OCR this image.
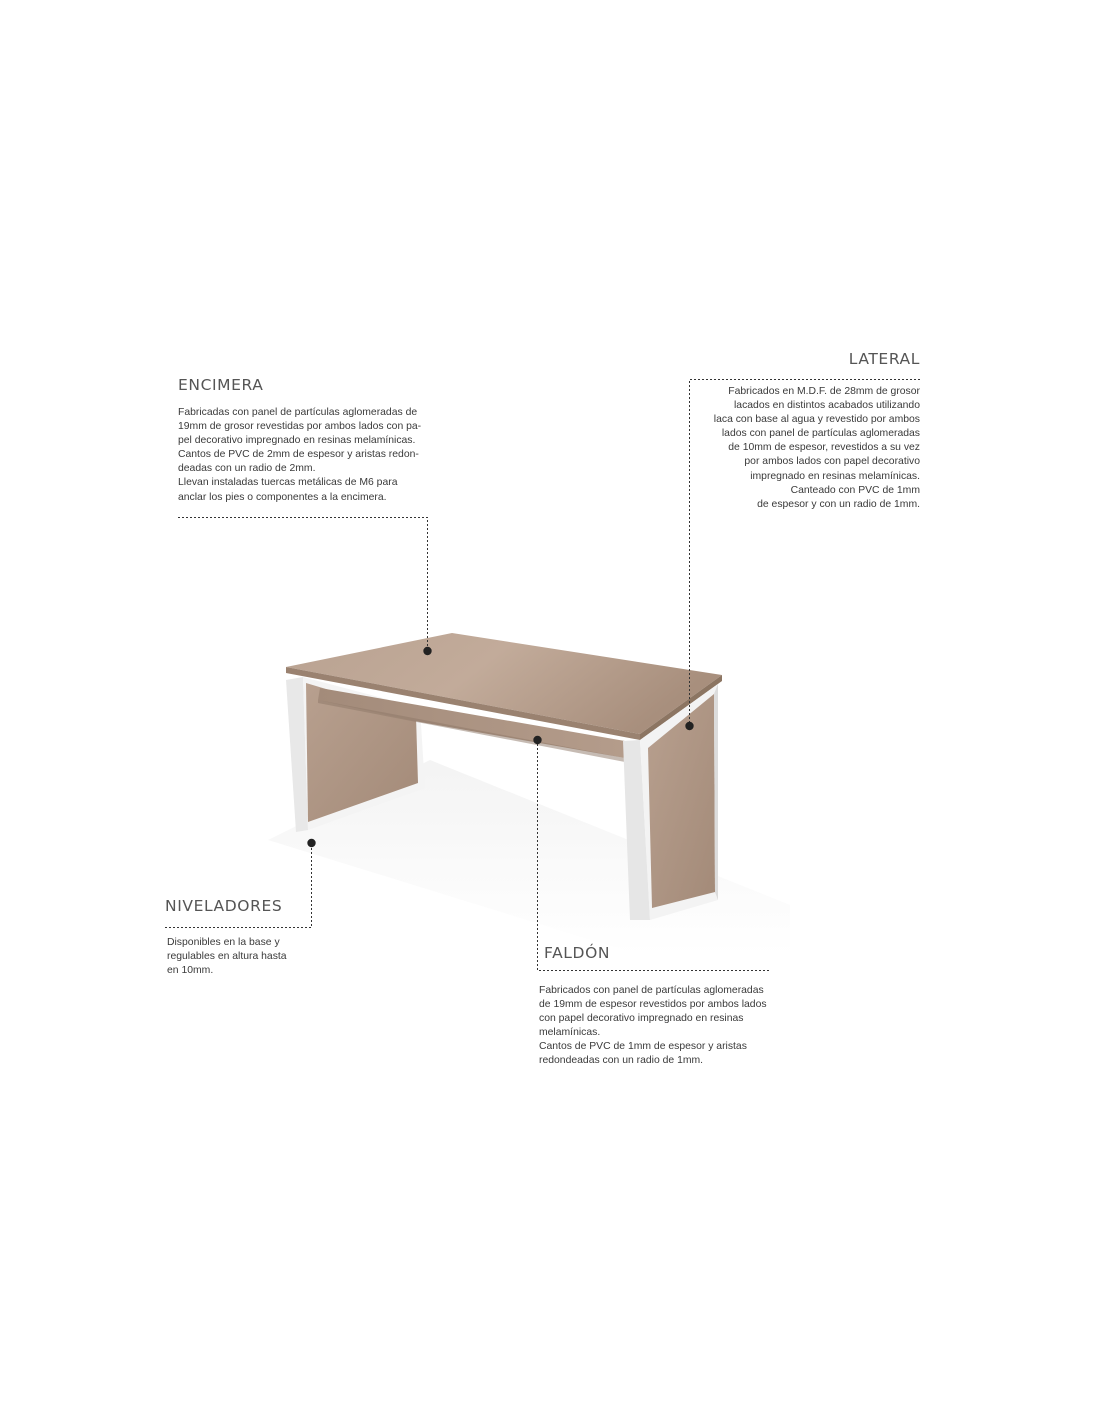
ENCIMERA
Fabricadas con panel de partículas aglomeradas de
19mm de grosor revestidas por ambos lados con pa-
pel decorativo impregnado en resinas melamínicas.
Cantos de PVC de 2mm de espesor y aristas redon-
deadas con un radio de 2mm.
Llevan instaladas tuercas metálicas de M6 para
anclar los pies o componentes a la encimera.
LATERAL
Fabricados en M.D.F. de 28mm de grosor
lacados en distintos acabados utilizando
laca con base al agua y revestido por ambos
lados con panel de partículas aglomeradas
de 10mm de espesor, revestidos a su vez
por ambos lados con papel decorativo
impregnado en resinas melamínicas.
Canteado con PVC de 1mm
de espesor y con un radio de 1mm.
NIVELADORES
Disponibles en la base y
regulables en altura hasta
en 10mm.
FALDÓN
Fabricados con panel de partículas aglomeradas
de 19mm de espesor revestidos por ambos lados
con papel decorativo impregnado en resinas
melamínicas.
Cantos de PVC de 1mm de espesor y aristas
redondeadas con un radio de 1mm.
